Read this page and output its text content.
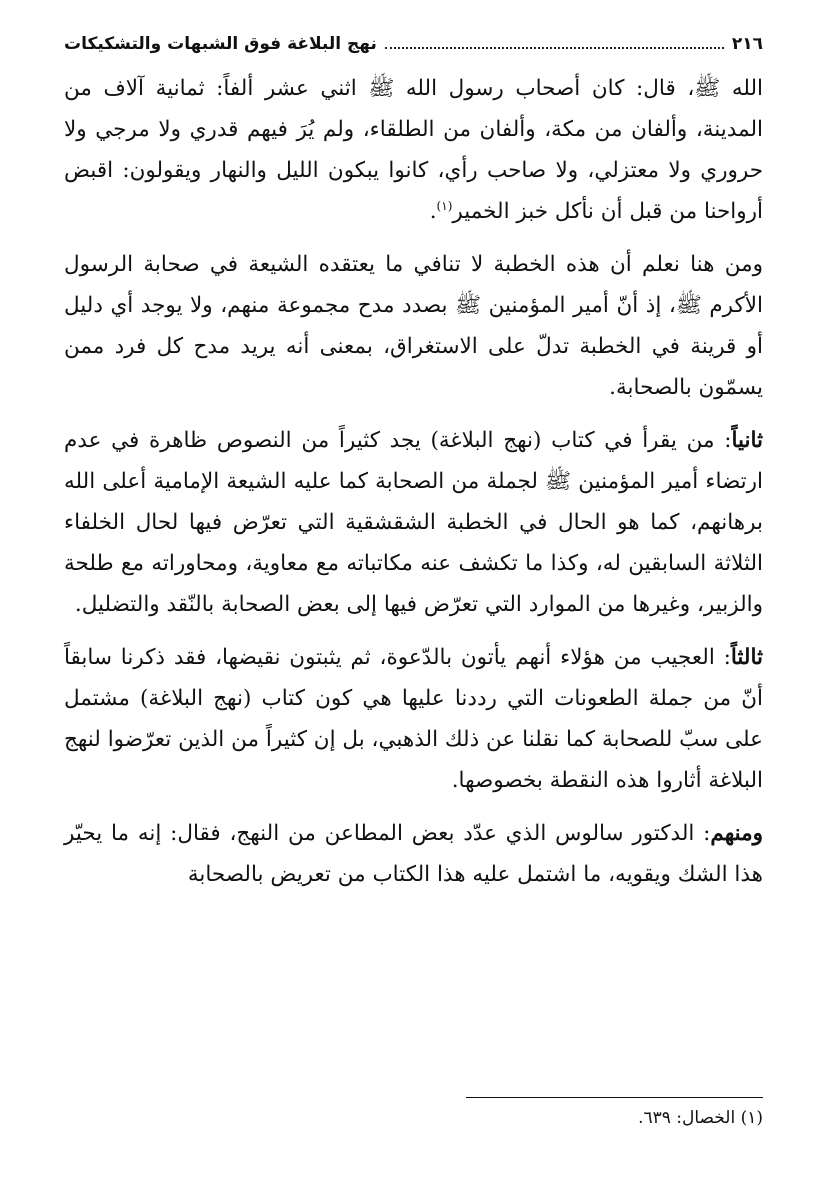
٢١٦
نهج البلاغة فوق الشبهات والتشكيكات

الله ﷺ، قال: كان أصحاب رسول الله ﷺ اثني عشر ألفاً: ثمانية آلاف من المدينة، وألفان من مكة، وألفان من الطلقاء، ولم يُرَ فيهم قدري ولا مرجي ولا حروري ولا معتزلي، ولا صاحب رأي، كانوا يبكون الليل والنهار ويقولون: اقبض أرواحنا من قبل أن نأكل خبز الخمير$^{(١)}$.

ومن هنا نعلم أن هذه الخطبة لا تنافي ما يعتقده الشيعة في صحابة الرسول الأكرم ﷺ، إذ أنّ أمير المؤمنين ﷺ بصدد مدح مجموعة منهم، ولا يوجد أي دليل أو قرينة في الخطبة تدلّ على الاستغراق، بمعنى أنه يريد مدح كل فرد ممن يسمّون بالصحابة.

ثانياً: من يقرأ في كتاب (نهج البلاغة) يجد كثيراً من النصوص ظاهرة في عدم ارتضاء أمير المؤمنين ﷺ لجملة من الصحابة كما عليه الشيعة الإمامية أعلى الله برهانهم، كما هو الحال في الخطبة الشقشقية التي تعرّض فيها لحال الخلفاء الثلاثة السابقين له، وكذا ما تكشف عنه مكاتباته مع معاوية، ومحاوراته مع طلحة والزبير، وغيرها من الموارد التي تعرّض فيها إلى بعض الصحابة بالنّقد والتضليل.

ثالثاً: العجيب من هؤلاء أنهم يأتون بالدّعوة، ثم يثبتون نقيضها، فقد ذكرنا سابقاً أنّ من جملة الطعونات التي رددنا عليها هي كون كتاب (نهج البلاغة) مشتمل على سبّ للصحابة كما نقلنا عن ذلك الذهبي، بل إن كثيراً من الذين تعرّضوا لنهج البلاغة أثاروا هذه النقطة بخصوصها.

ومنهم: الدكتور سالوس الذي عدّد بعض المطاعن من النهج، فقال: إنه ما يحيّر هذا الشك ويقويه، ما اشتمل عليه هذا الكتاب من تعريض بالصحابة

(١) الخصال: ٦٣٩.
